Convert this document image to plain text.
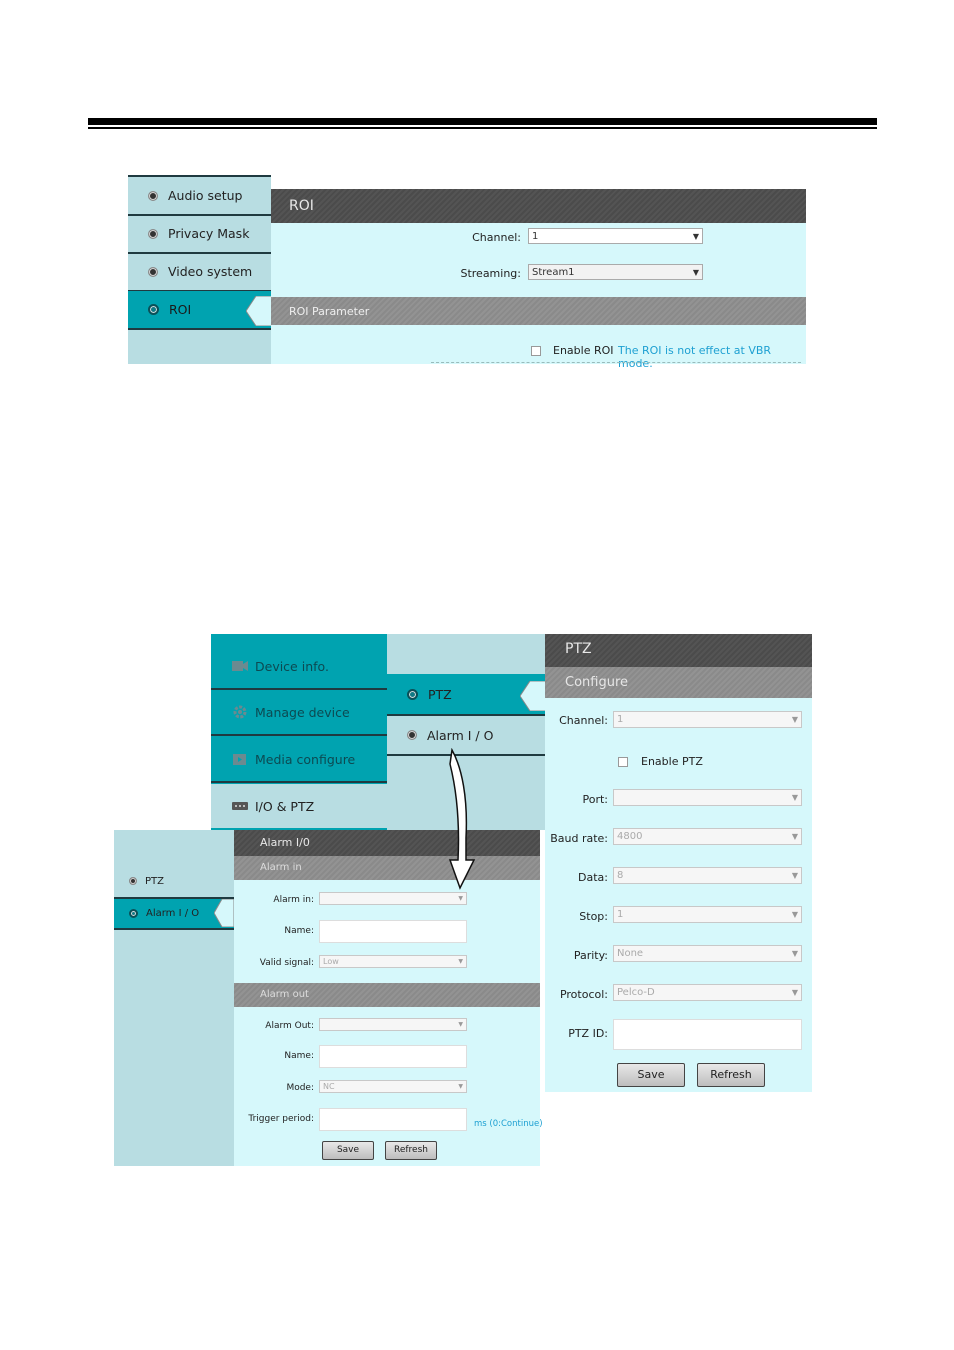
Audio setup
Privacy Mask
Video system
ROI
ROI
Channel:	1	▼
Streaming:	Stream1	▼
ROI Parameter
Enable ROI The ROI is not effect at VBR mode.
Device info.
Manage device
Media configure
I/O & PTZ
PTZ
Alarm I / O
PTZ
Configure
Channel: 1	▼
Enable PTZ
Port:	▼
Baud rate: 4800	▼
Data: 8	▼
Stop: 1	▼
Parity: None	▼
Protocol: Pelco-D	▼
PTZ ID:
Save	Refresh
PTZ
Alarm I / O
Alarm I/0
Alarm in
Alarm in:	▼
Name:
Valid signal:	Low	▼
Alarm out
Alarm Out:	▼
Name:
Mode:	NC	▼
Trigger period:	ms (0:Continue)
Save	Refresh
